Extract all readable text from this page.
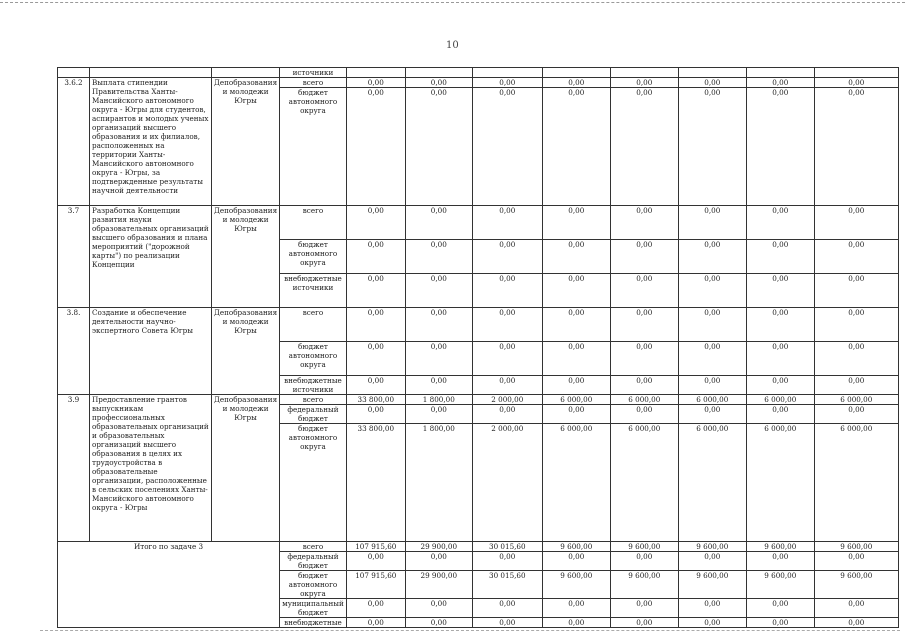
10
			источники								
3.6.2	Выплата стипендии Правительства Ханты-Мансийского автономного округа - Югры для студентов, аспирантов и молодых ученых организаций высшего образования и их филиалов, расположенных на территории Ханты-Мансийского автономного округа - Югры, за подтвержденные результаты научной деятельности	Депобразования и молодежи Югры	всего	0,00	0,00	0,00	0,00	0,00	0,00	0,00	0,00
			бюджет автономного округа	0,00	0,00	0,00	0,00	0,00	0,00	0,00	0,00
3.7	Разработка Концепции развития науки образовательных организаций высшего образования и плана мероприятий ("дорожной карты") по реализации Концепции	Депобразования и молодежи Югры	всего	0,00	0,00	0,00	0,00	0,00	0,00	0,00	0,00
			бюджет автономного округа	0,00	0,00	0,00	0,00	0,00	0,00	0,00	0,00
			внебюджетные источники	0,00	0,00	0,00	0,00	0,00	0,00	0,00	0,00
3.8.	Создание и обеспечение деятельности научно-экспертного Совета Югры	Депобразования и молодежи Югры	всего	0,00	0,00	0,00	0,00	0,00	0,00	0,00	0,00
			бюджет автономного округа	0,00	0,00	0,00	0,00	0,00	0,00	0,00	0,00
			внебюджетные источники	0,00	0,00	0,00	0,00	0,00	0,00	0,00	0,00
3.9	Предоставление грантов выпускникам профессиональных образовательных организаций и образовательных организаций высшего образования в целях их трудоустройства в образовательные организации, расположенные в сельских поселениях Ханты-Мансийского автономного округа - Югры	Депобразования и молодежи Югры	всего	33 800,00	1 800,00	2 000,00	6 000,00	6 000,00	6 000,00	6 000,00	6 000,00
			федеральный бюджет	0,00	0,00	0,00	0,00	0,00	0,00	0,00	0,00
			бюджет автономного округа	33 800,00	1 800,00	2 000,00	6 000,00	6 000,00	6 000,00	6 000,00	6 000,00
Итого по задаче 3			всего	107 915,60	29 900,00	30 015,60	9 600,00	9 600,00	9 600,00	9 600,00	9 600,00
			федеральный бюджет	0,00	0,00	0,00	0,00	0,00	0,00	0,00	0,00
			бюджет автономного округа	107 915,60	29 900,00	30 015,60	9 600,00	9 600,00	9 600,00	9 600,00	9 600,00
			муниципальный бюджет	0,00	0,00	0,00	0,00	0,00	0,00	0,00	0,00
			внебюджетные	0,00	0,00	0,00	0,00	0,00	0,00	0,00	0,00
